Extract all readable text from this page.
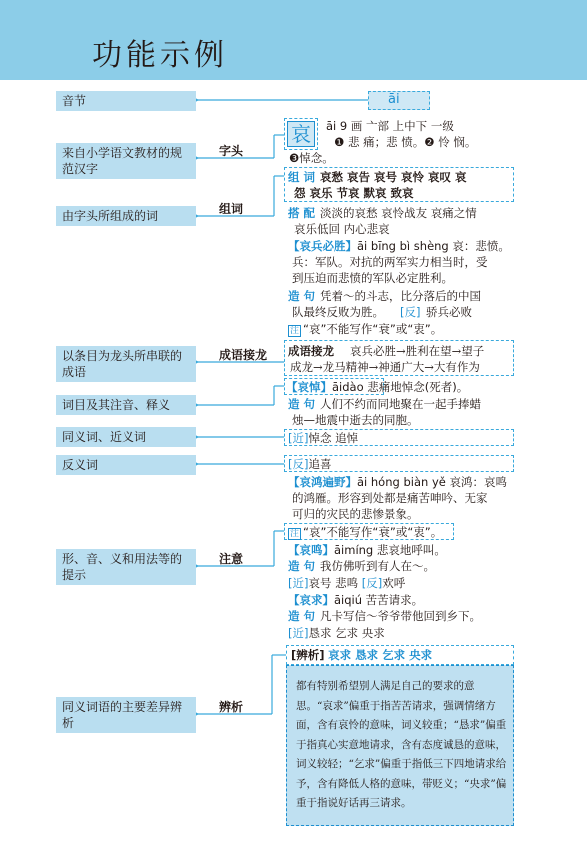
功能示例
音节
来自小学语文教材的规范汉字
由字头所组成的词
以条目为龙头所串联的成语
词目及其注音、释义
同义词、近义词
反义词
形、音、义和用法等的提示
同义词语的主要差异辨析
字头
组词
成语接龙
注意
辨析
āi
哀	āi 9 画 亠部 上中下 一级
❶ 悲 痛；悲 愤。❷ 怜 悯。
❸悼念。
组 词 哀愁 哀告 哀号 哀怜 哀叹 哀
怨 哀乐 节哀 默哀 致哀
搭 配 淡淡的哀愁 哀怜战友 哀痛之情
哀乐低回 内心悲哀
【哀兵必胜】āi bīng bì shèng 哀：悲愤。
兵：军队。对抗的两军实力相当时，受
到压迫而悲愤的军队必定胜利。
造 句 凭着～的斗志，比分落后的中国
队最终反败为胜。 [反] 骄兵必败
注 “哀”不能写作“衰”或“衷”。
成语接龙 哀兵必胜→胜利在望→望子
成龙→龙马精神→神通广大→大有作为
【哀悼】āidào 悲痛地悼念(死者)。
造 句 人们不约而同地聚在一起手捧蜡
烛—地震中逝去的同胞。
[近]悼念 追悼
[反]追喜
【哀鸿遍野】āi hóng biàn yě 哀鸿：哀鸣
的鸿雁。形容到处都是痛苦呻吟、无家
可归的灾民的悲惨景象。
注 “哀”不能写作“衰”或“衷”。
【哀鸣】āimíng 悲哀地呼叫。
造 句 我仿佛听到有人在～。
[近]哀号 悲鸣 [反]欢呼
【哀求】āiqiú 苦苦请求。
造 句 凡卡写信～爷爷带他回到乡下。
[近]恳求 乞求 央求
[辨析] 哀求 恳求 乞求 央求
都有特别希望别人满足自己的要求的意思。“哀求”偏重于指苦苦请求，强调情绪方面，含有哀怜的意味，词义较重；“恳求”偏重于指真心实意地请求，含有态度诚恳的意味，词义较轻；“乞求”偏重于指低三下四地请求给予，含有降低人格的意味，带贬义；“央求”偏重于指说好话再三请求。
